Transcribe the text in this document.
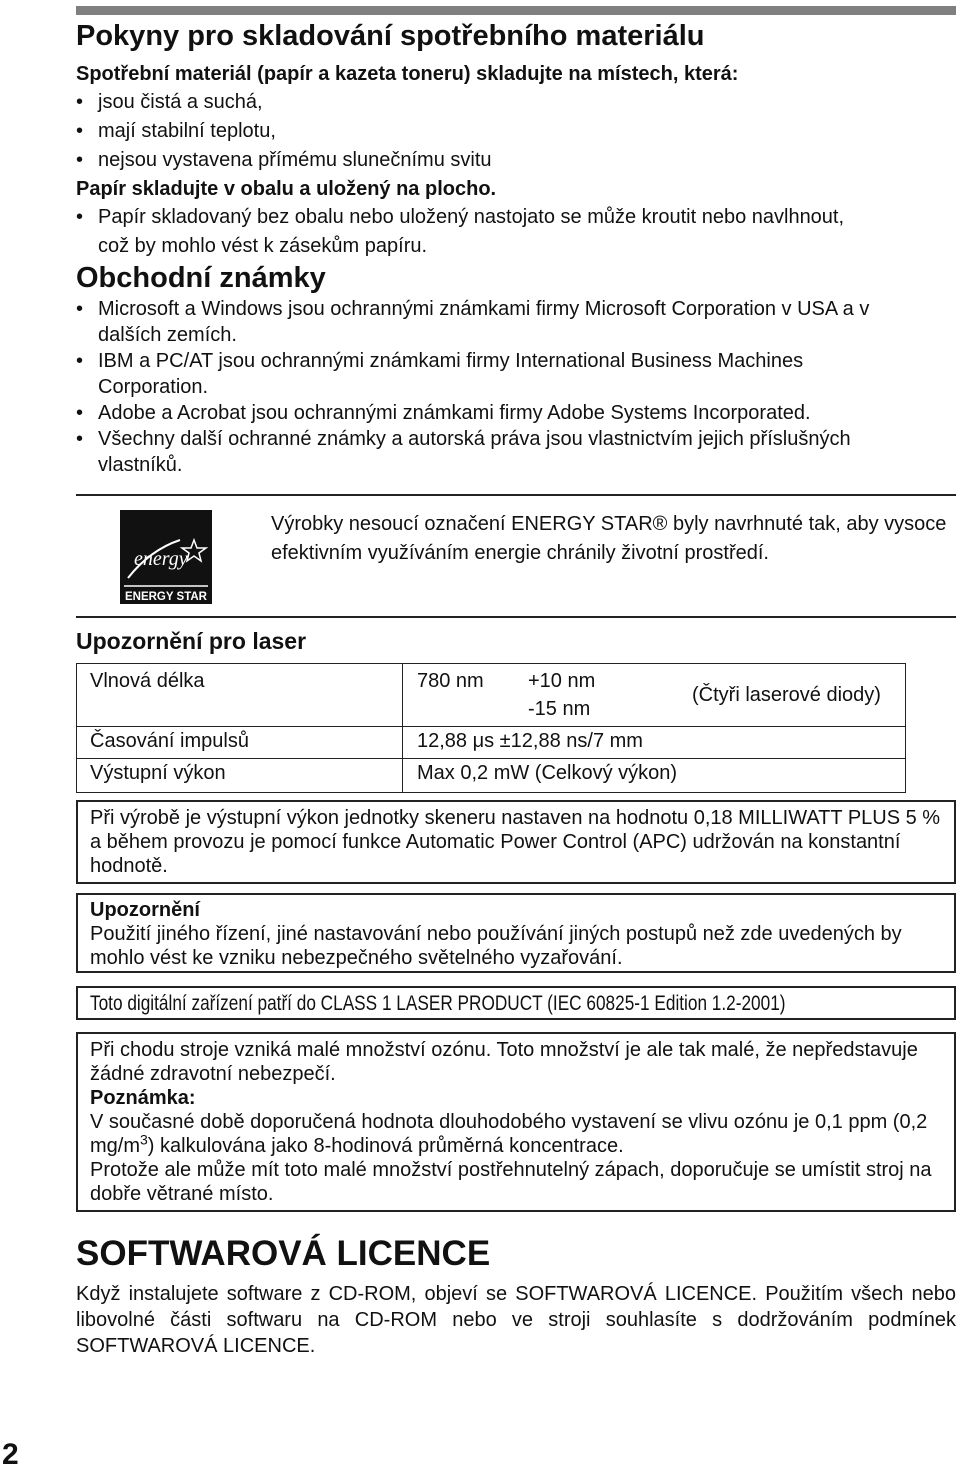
Pokyny pro skladování spotřebního materiálu
Spotřební materiál (papír a kazeta toneru) skladujte na místech, která:
• jsou čistá a suchá,
• mají stabilní teplotu,
• nejsou vystavena přímému slunečnímu svitu
Papír skladujte v obalu a uložený na plocho.
• Papír skladovaný bez obalu nebo uložený nastojato se může kroutit nebo navlhnout, což by mohlo vést k zásekům papíru.
Obchodní známky
• Microsoft a Windows jsou ochrannými známkami firmy Microsoft Corporation v USA a v dalších zemích.
• IBM a PC/AT jsou ochrannými známkami firmy International Business Machines Corporation.
• Adobe a Acrobat jsou ochrannými známkami firmy Adobe Systems Incorporated.
• Všechny další ochranné známky a autorská práva jsou vlastnictvím jejich příslušných vlastníků.
energy
ENERGY STAR
Výrobky nesoucí označení ENERGY STAR® byly navrhnuté tak, aby vysoce efektivním využíváním energie chránily životní prostředí.
Upozornění pro laser
Vlnová délka	780 nm +10 nm
-15 nm
(Čtyři laserové diody)
Časování impulsů	12,88 μs ±12,88 ns/7 mm
Výstupní výkon	Max 0,2 mW (Celkový výkon)
Při výrobě je výstupní výkon jednotky skeneru nastaven na hodnotu 0,18 MILLIWATT PLUS 5 % a během provozu je pomocí funkce Automatic Power Control (APC) udržován na konstantní hodnotě.
Upozornění
Použití jiného řízení, jiné nastavování nebo používání jiných postupů než zde uvedených by mohlo vést ke vzniku nebezpečného světelného vyzařování.
Toto digitální zařízení patří do CLASS 1 LASER PRODUCT (IEC 60825-1 Edition 1.2-2001)
Při chodu stroje vzniká malé množství ozónu. Toto množství je ale tak malé, že nepředstavuje žádné zdravotní nebezpečí.
Poznámka:
V současné době doporučená hodnota dlouhodobého vystavení se vlivu ozónu je 0,1 ppm (0,2 $mg/m^3$) kalkulována jako 8-hodinová průměrná koncentrace.
Protože ale může mít toto malé množství postřehnutelný zápach, doporučuje se umístit stroj na dobře větrané místo.
SOFTWAROVÁ LICENCE
Když instalujete software z CD-ROM, objeví se SOFTWAROVÁ LICENCE. Použitím všech nebo libovolné části softwaru na CD-ROM nebo ve stroji souhlasíte s dodržováním podmínek SOFTWAROVÁ LICENCE.
2
